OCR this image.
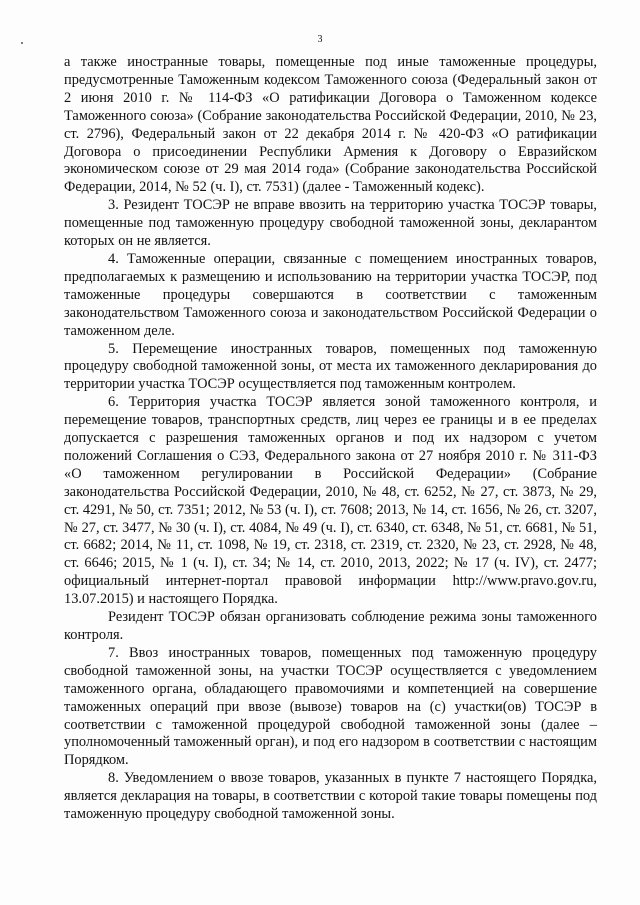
3

а также иностранные товары, помещенные под иные таможенные процедуры, предусмотренные Таможенным кодексом Таможенного союза (Федеральный закон от 2 июня 2010 г. № 114-ФЗ «О ратификации Договора о Таможенном кодексе Таможенного союза» (Собрание законодательства Российской Федерации, 2010, № 23, ст. 2796), Федеральный закон от 22 декабря 2014 г. № 420-ФЗ «О ратификации Договора о присоединении Республики Армения к Договору о Евразийском экономическом союзе от 29 мая 2014 года» (Собрание законодательства Российской Федерации, 2014, № 52 (ч. I), ст. 7531) (далее - Таможенный кодекс).

3. Резидент ТОСЭР не вправе ввозить на территорию участка ТОСЭР товары, помещенные под таможенную процедуру свободной таможенной зоны, декларантом которых он не является.

4. Таможенные операции, связанные с помещением иностранных товаров, предполагаемых к размещению и использованию на территории участка ТОСЭР, под таможенные процедуры совершаются в соответствии с таможенным законодательством Таможенного союза и законодательством Российской Федерации о таможенном деле.

5. Перемещение иностранных товаров, помещенных под таможенную процедуру свободной таможенной зоны, от места их таможенного декларирования до территории участка ТОСЭР осуществляется под таможенным контролем.

6. Территория участка ТОСЭР является зоной таможенного контроля, и перемещение товаров, транспортных средств, лиц через ее границы и в ее пределах допускается с разрешения таможенных органов и под их надзором с учетом положений Соглашения о СЭЗ, Федерального закона от 27 ноября 2010 г. № 311-ФЗ «О таможенном регулировании в Российской Федерации» (Собрание законодательства Российской Федерации, 2010, № 48, ст. 6252, № 27, ст. 3873, № 29, ст. 4291, № 50, ст. 7351; 2012, № 53 (ч. I), ст. 7608; 2013, № 14, ст. 1656, № 26, ст. 3207, № 27, ст. 3477, № 30 (ч. I), ст. 4084, № 49 (ч. I), ст. 6340, ст. 6348, № 51, ст. 6681, № 51, ст. 6682; 2014, № 11, ст. 1098, № 19, ст. 2318, ст. 2319, ст. 2320, № 23, ст. 2928, № 48, ст. 6646; 2015, № 1 (ч. I), ст. 34; № 14, ст. 2010, 2013, 2022; № 17 (ч. IV), ст. 2477; официальный интернет-портал правовой информации http://www.pravo.gov.ru, 13.07.2015) и настоящего Порядка.

Резидент ТОСЭР обязан организовать соблюдение режима зоны таможенного контроля.

7. Ввоз иностранных товаров, помещенных под таможенную процедуру свободной таможенной зоны, на участки ТОСЭР осуществляется с уведомлением таможенного органа, обладающего правомочиями и компетенцией на совершение таможенных операций при ввозе (вывозе) товаров на (с) участки(ов) ТОСЭР в соответствии с таможенной процедурой свободной таможенной зоны (далее – уполномоченный таможенный орган), и под его надзором в соответствии с настоящим Порядком.

8. Уведомлением о ввозе товаров, указанных в пункте 7 настоящего Порядка, является декларация на товары, в соответствии с которой такие товары помещены под таможенную процедуру свободной таможенной зоны.
